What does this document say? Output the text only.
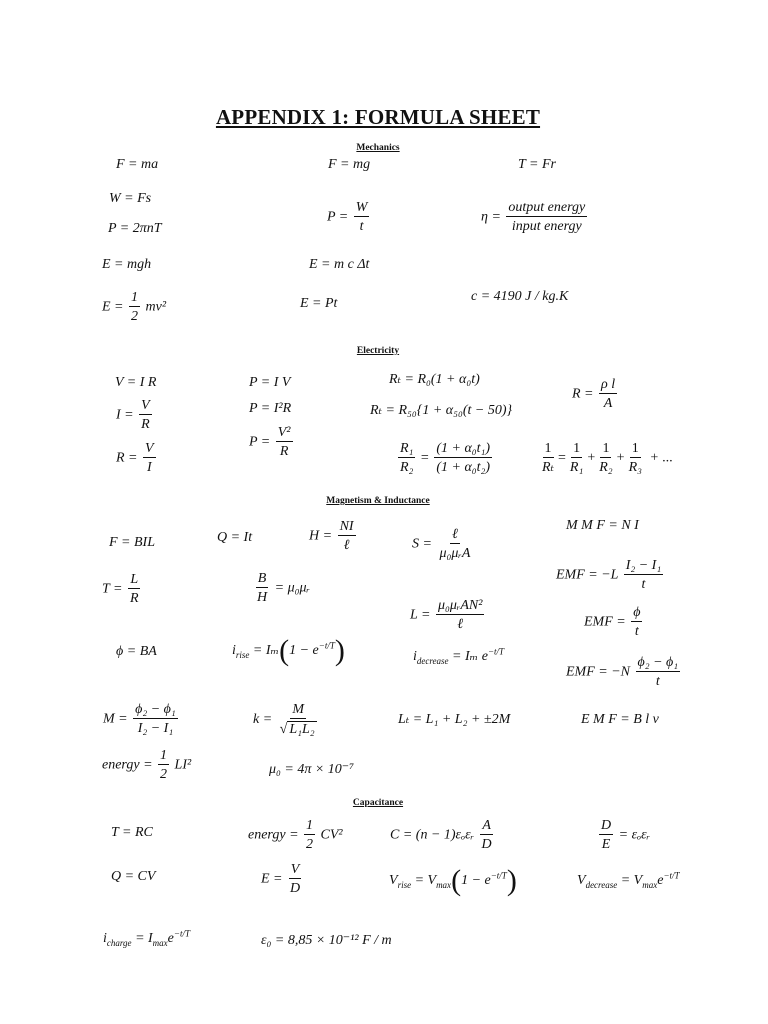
APPENDIX 1: FORMULA SHEET
Mechanics
F = ma	F = mg	T = Fr
W = Fs
P = 2πnT
$P = \frac{W}{t}$	$\eta = \frac{\text{output energy}}{\text{input energy}}$
E = mgh	E = m c Δt
$E = \frac{1}{2} mv^2$	E = Pt	c = 4190 J / kg.K
Electricity
V = I R	P = I V	Rₜ = R₀(1 + α₀t)
$R = \frac{\text{ρ l}}{A}$
$I = \frac{V}{R}$	P = I²R	Rₜ = R₅₀{1 + α₅₀(t − 50)}
$P = \frac{\text{V²}}{R}$
$R = \frac{V}{I}$	$\frac{\text{R₁}}{\text{R₂}} = \frac{\text{(1 + α₀t₁)}}{\text{(1 + α₀t₂)}}$	$\frac{1}{\text{Rₜ}} = \frac{1}{\text{R₁}} + \frac{1}{\text{R₂}} + \frac{1}{\text{R₃}}$ + ...
Magnetism & Inductance
F = BIL	Q = It	$H = \frac{NI}{\text{ℓ}}$	$S = \frac{\text{ℓ}}{\text{μ₀μᵣA}}$
M M F = N I
$T = \frac{L}{R}$	$\frac{B}{H}$ = μ₀μᵣ
EMF = $-L \frac{\text{I₂ − I₁}}{t}$
$L = \frac{\text{μ₀μᵣAN²}}{\text{ℓ}}$	EMF = $\frac{\phi}{t}$
ϕ = BA	$i_{rise} = I_m(1 - e^{-t/T})$	$i_{decrease} = I_m$ $e^{-t/T}$
EMF = $-N \frac{\text{ϕ₂ − ϕ₁}}{t}$
$M = \frac{\text{ϕ₂ − ϕ₁}}{\text{I₂ − I₁}}$	$k = \frac{M}{\text{√ L₁L₂}}$	Lₜ = L₁ + L₂ + ±2M	E M F = B l v
energy = $\frac{1}{2} LI^2$	μ₀ = 4π × 10⁻⁷
Capacitance
T = RC	energy = $\frac{1}{2} CV^2$	C = (n − 1)εₒεᵣ $\frac{A}{D}$	$\frac{D}{E}$ = εₒεᵣ
Q = CV	$E = \frac{V}{D}$	$V_{rise} = V_{max}(1 - e^{-t/T})$	$V_{decrease} = V_{max}e^{-t/T}$
$i_{charge} = I_{max}e^{-t/T}$	ε₀ = 8,85 × 10⁻¹² F / m
